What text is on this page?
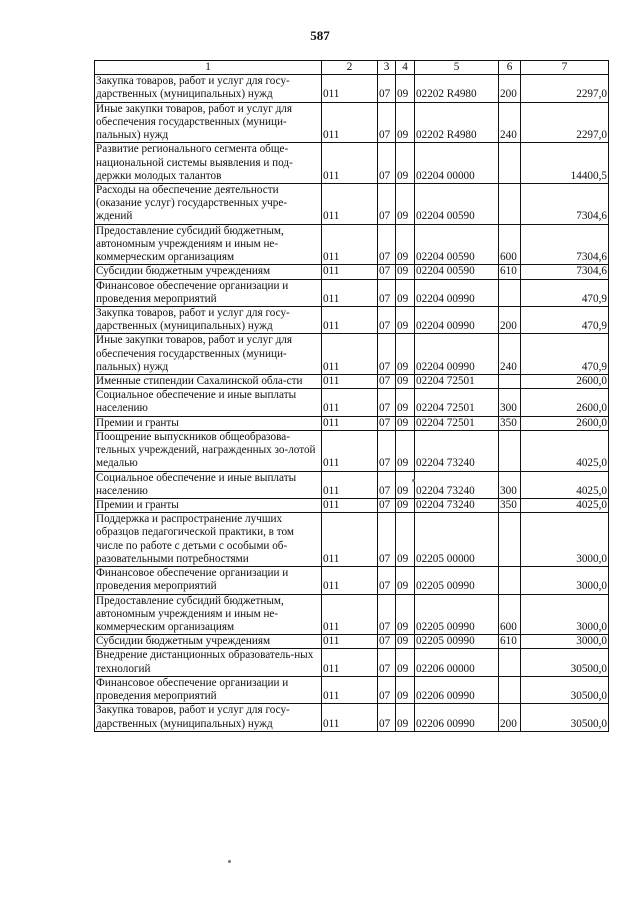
587
1	2	3	4	5	6	7
Закупка товаров, работ и услуг для госу-дарственных (муниципальных) нужд	011	07	09	02202 R4980	200	2297,0
Иные закупки товаров, работ и услуг для обеспечения государственных (муници-пальных) нужд	011	07	09	02202 R4980	240	2297,0
Развитие регионального сегмента обще-национальной системы выявления и под-держки молодых талантов	011	07	09	02204 00000		14400,5
Расходы на обеспечение деятельности (оказание услуг) государственных учре-ждений	011	07	09	02204 00590		7304,6
Предоставление субсидий бюджетным, автономным учреждениям и иным не-коммерческим организациям	011	07	09	02204 00590	600	7304,6
Субсидии бюджетным учреждениям	011	07	09	02204 00590	610	7304,6
Финансовое обеспечение организации и проведения мероприятий	011	07	09	02204 00990		470,9
Закупка товаров, работ и услуг для госу-дарственных (муниципальных) нужд	011	07	09	02204 00990	200	470,9
Иные закупки товаров, работ и услуг для обеспечения государственных (муници-пальных) нужд	011	07	09	02204 00990	240	470,9
Именные стипендии Сахалинской обла-сти	011	07	09	02204 72501		2600,0
Социальное обеспечение и иные выплаты населению	011	07	09	02204 72501	300	2600,0
Премии и гранты	011	07	09	02204 72501	350	2600,0
Поощрение выпускников общеобразова-тельных учреждений, награжденных зо-лотой медалью	011	07	09	02204 73240		4025,0
Социальное обеспечение и иные выплаты населению	011	07	09	02204 73240	300	4025,0
Премии и гранты	011	07	09	02204 73240	350	4025,0
Поддержка и распространение лучших образцов педагогической практики, в том числе по работе с детьми с особыми об-разовательными потребностями	011	07	09	02205 00000		3000,0
Финансовое обеспечение организации и проведения мероприятий	011	07	09	02205 00990		3000,0
Предоставление субсидий бюджетным, автономным учреждениям и иным не-коммерческим организациям	011	07	09	02205 00990	600	3000,0
Субсидии бюджетным учреждениям	011	07	09	02205 00990	610	3000,0
Внедрение дистанционных образователь-ных технологий	011	07	09	02206 00000		30500,0
Финансовое обеспечение организации и проведения мероприятий	011	07	09	02206 00990		30500,0
Закупка товаров, работ и услуг для госу-дарственных (муниципальных) нужд	011	07	09	02206 00990	200	30500,0
